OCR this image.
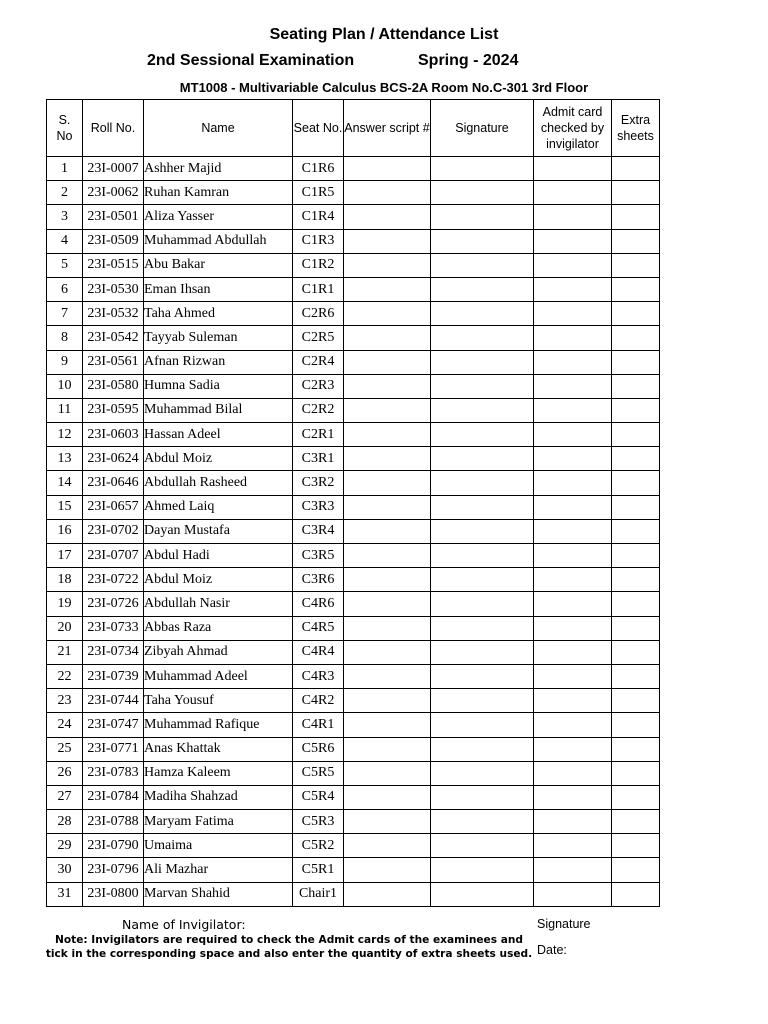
Seating Plan / Attendance List
2nd Sessional Examination	Spring - 2024
MT1008 - Multivariable Calculus BCS-2A Room No.C-301 3rd Floor
S. No	Roll No.	Name	Seat No.	Answer script #	Signature	Admit card checked by invigilator	Extra sheets
1	23I-0007	Ashher Majid	C1R6				
2	23I-0062	Ruhan Kamran	C1R5				
3	23I-0501	Aliza Yasser	C1R4				
4	23I-0509	Muhammad Abdullah	C1R3				
5	23I-0515	Abu Bakar	C1R2				
6	23I-0530	Eman Ihsan	C1R1				
7	23I-0532	Taha Ahmed	C2R6				
8	23I-0542	Tayyab Suleman	C2R5				
9	23I-0561	Afnan Rizwan	C2R4				
10	23I-0580	Humna Sadia	C2R3				
11	23I-0595	Muhammad Bilal	C2R2				
12	23I-0603	Hassan Adeel	C2R1				
13	23I-0624	Abdul Moiz	C3R1				
14	23I-0646	Abdullah Rasheed	C3R2				
15	23I-0657	Ahmed Laiq	C3R3				
16	23I-0702	Dayan Mustafa	C3R4				
17	23I-0707	Abdul Hadi	C3R5				
18	23I-0722	Abdul Moiz	C3R6				
19	23I-0726	Abdullah Nasir	C4R6				
20	23I-0733	Abbas Raza	C4R5				
21	23I-0734	Zibyah Ahmad	C4R4				
22	23I-0739	Muhammad Adeel	C4R3				
23	23I-0744	Taha Yousuf	C4R2				
24	23I-0747	Muhammad Rafique	C4R1				
25	23I-0771	Anas Khattak	C5R6				
26	23I-0783	Hamza Kaleem	C5R5				
27	23I-0784	Madiha Shahzad	C5R4				
28	23I-0788	Maryam Fatima	C5R3				
29	23I-0790	Umaima	C5R2				
30	23I-0796	Ali Mazhar	C5R1				
31	23I-0800	Marvan Shahid	Chair1				
Name of Invigilator:	Signature
Date:
Note: Invigilators are required to check the Admit cards of the examinees and
tick in the corresponding space and also enter the quantity of extra sheets used.
